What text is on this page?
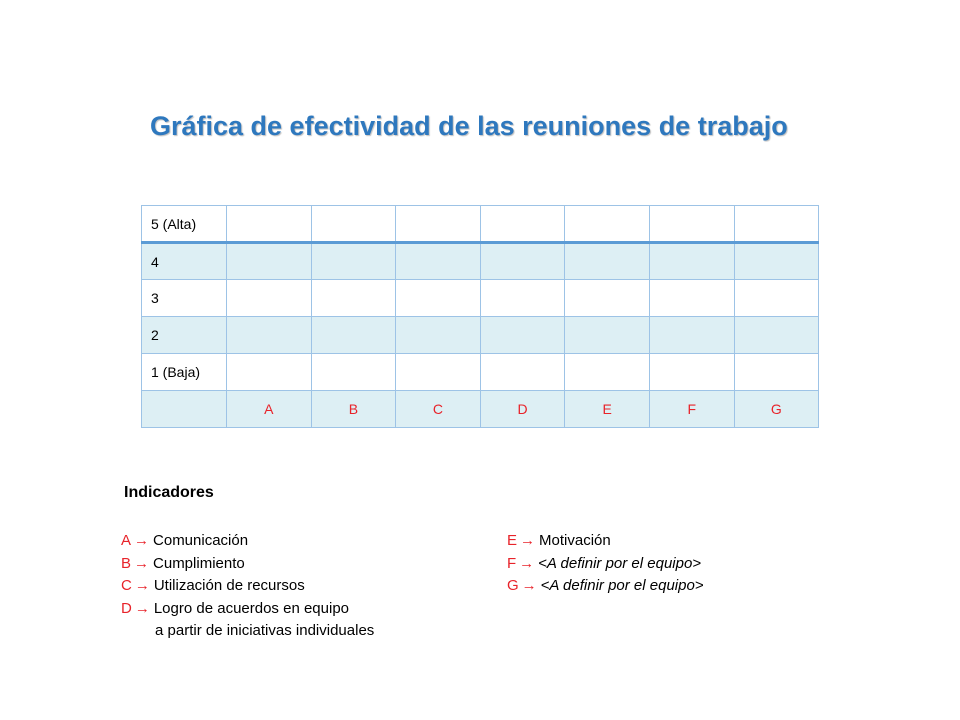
Gráfica de efectividad de las reuniones de trabajo
5 (Alta)							
4							
3							
2							
1 (Baja)							
	A	B	C	D	E	F	G
Indicadores
A → Comunicación
B → Cumplimiento
C → Utilización de recursos
D → Logro de acuerdos en equipo
a partir de iniciativas individuales
E → Motivación
F → <A definir por el equipo>
G → <A definir por el equipo>
